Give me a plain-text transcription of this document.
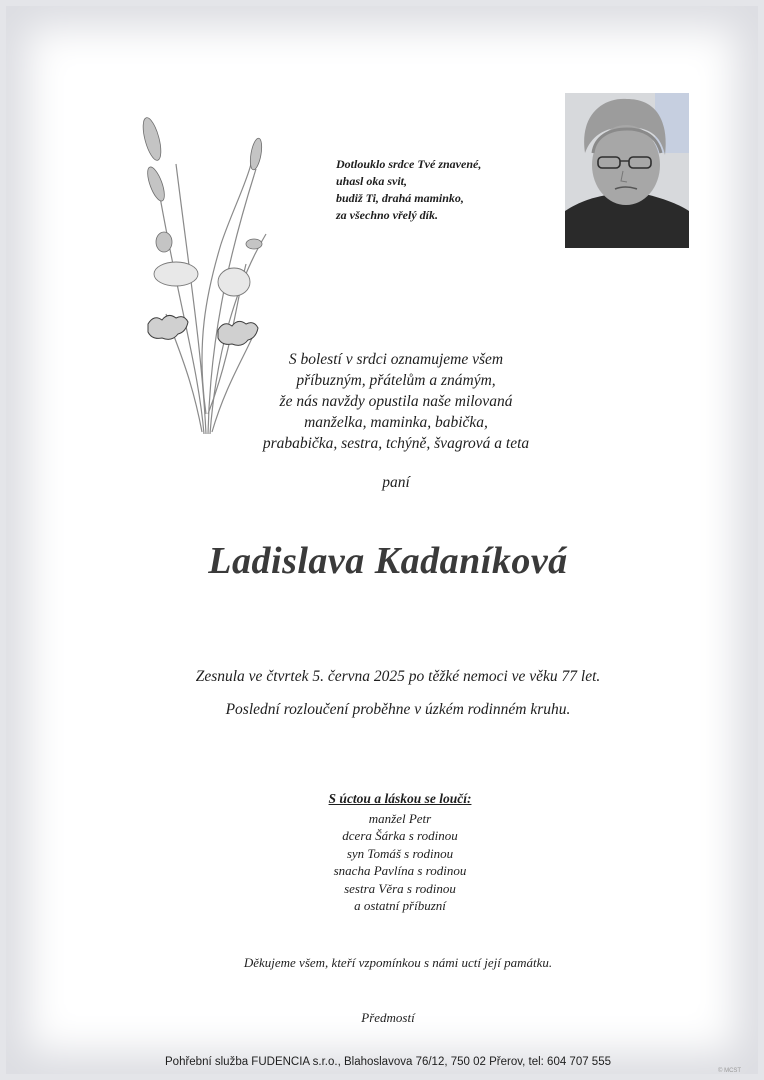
Dotlouklo srdce Tvé znavené,
uhasl oka svit,
budiž Ti, drahá maminko,
za všechno vřelý dík.
S bolestí v srdci oznamujeme všem
příbuzným, přátelům a známým,
že nás navždy opustila naše milovaná
manželka, maminka, babička,
prababička, sestra, tchýně, švagrová a teta
paní
Ladislava Kadaníková
Zesnula ve čtvrtek 5. června 2025 po těžké nemoci ve věku 77 let.
Poslední rozloučení proběhne v úzkém rodinném kruhu.
S úctou a láskou se loučí:
manžel Petr
dcera Šárka s rodinou
syn Tomáš s rodinou
snacha Pavlína s rodinou
sestra Věra s rodinou
a ostatní příbuzní
Děkujeme všem, kteří vzpomínkou s námi uctí její památku.
Předmostí
Pohřební služba FUDENCIA s.r.o., Blahoslavova 76/12, 750 02 Přerov, tel: 604 707 555
© MCST
